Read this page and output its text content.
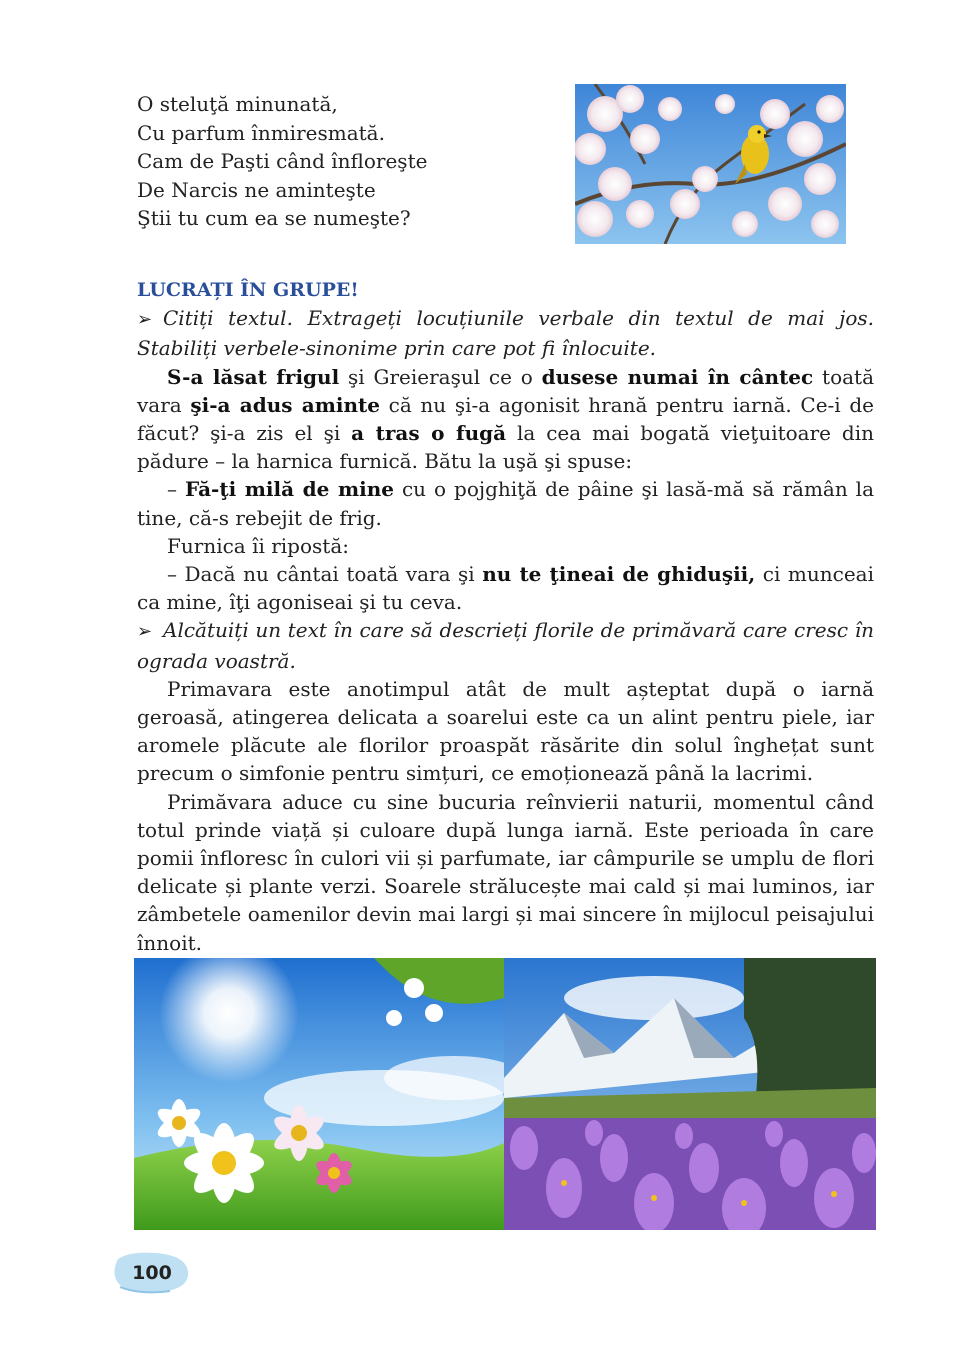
O steluţă minunată,
Cu parfum înmiresmată.
Cam de Paşti când înfloreşte
De Narcis ne aminteşte
Ştii tu cum ea se numeşte?

LUCRAȚI ÎN GRUPE!

➢ Citiți textul. Extrageți locuțiunile verbale din textul de mai jos. Stabiliți verbele-sinonime prin care pot fi înlocuite.

S-a lăsat frigul şi Greieraşul ce o dusese numai în cântec toată vara şi-a adus aminte că nu şi-a agonisit hrană pentru iarnă. Ce-i de făcut? şi-a zis el şi a tras o fugă la cea mai bogată vieţuitoare din pădure – la harnica furnică. Bătu la uşă şi spuse:

– Fă-ţi milă de mine cu o pojghiţă de pâine şi lasă-mă să rămân la tine, că-s rebejit de frig.

Furnica îi ripostă:

– Dacă nu cântai toată vara şi nu te ţineai de ghiduşii, ci munceai ca mine, îţi agoniseai şi tu ceva.

➢ Alcătuiți un text în care să descrieți florile de primăvară care cresc în ograda voastră.

Primavara este anotimpul atât de mult așteptat după o iarnă geroasă, atingerea delicata a soarelui este ca un alint pentru piele, iar aromele plăcute ale florilor proaspăt răsărite din solul înghețat sunt precum o simfonie pentru simțuri, ce emoționează până la lacrimi.

Primăvara aduce cu sine bucuria reînvierii naturii, momentul când totul prinde viață și culoare după lunga iarnă. Este perioada în care pomii înfloresc în culori vii și parfumate, iar câmpurile se umplu de flori delicate și plante verzi. Soarele strălucește mai cald și mai luminos, iar zâmbetele oamenilor devin mai largi și mai sincere în mijlocul peisajului înnoit.

100
